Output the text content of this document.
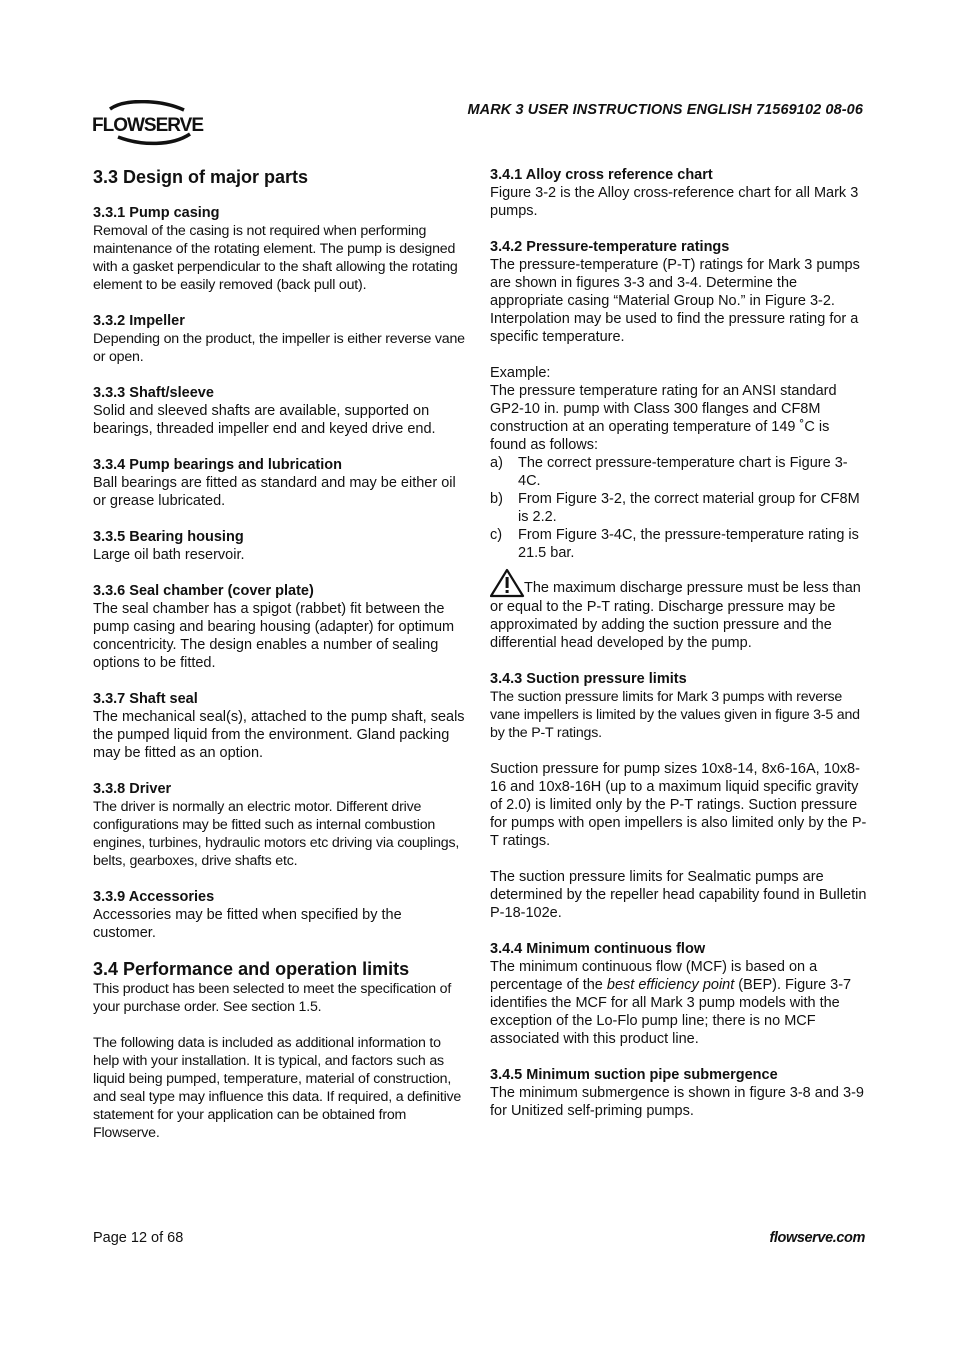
FLOWSERVE
MARK 3 USER INSTRUCTIONS ENGLISH 71569102 08-06
3.3 Design of major parts
3.3.1 Pump casing

Removal of the casing is not required when performing maintenance of the rotating element. The pump is designed with a gasket perpendicular to the shaft allowing the rotating element to be easily removed (back pull out).

3.3.2 Impeller

Depending on the product, the impeller is either reverse vane or open.

3.3.3 Shaft/sleeve

Solid and sleeved shafts are available, supported on bearings, threaded impeller end and keyed drive end.

3.3.4 Pump bearings and lubrication

Ball bearings are fitted as standard and may be either oil or grease lubricated.

3.3.5 Bearing housing

Large oil bath reservoir.

3.3.6 Seal chamber (cover plate)

The seal chamber has a spigot (rabbet) fit between the pump casing and bearing housing (adapter) for optimum concentricity. The design enables a number of sealing options to be fitted.

3.3.7 Shaft seal

The mechanical seal(s), attached to the pump shaft, seals the pumped liquid from the environment. Gland packing may be fitted as an option.

3.3.8 Driver

The driver is normally an electric motor. Different drive configurations may be fitted such as internal combustion engines, turbines, hydraulic motors etc driving via couplings, belts, gearboxes, drive shafts etc.

3.3.9 Accessories

Accessories may be fitted when specified by the customer.

3.4 Performance and operation limits

This product has been selected to meet the specification of your purchase order. See section 1.5.

The following data is included as additional information to help with your installation. It is typical, and factors such as liquid being pumped, temperature, material of construction, and seal type may influence this data. If required, a definitive statement for your application can be obtained from Flowserve.

3.4.1 Alloy cross reference chart

Figure 3-2 is the Alloy cross-reference chart for all Mark 3 pumps.

3.4.2 Pressure-temperature ratings

The pressure-temperature (P-T) ratings for Mark 3 pumps are shown in figures 3-3 and 3-4. Determine the appropriate casing “Material Group No.” in Figure 3-2. Interpolation may be used to find the pressure rating for a specific temperature.

Example:

The pressure temperature rating for an ANSI standard GP2-10 in. pump with Class 300 flanges and CF8M construction at an operating temperature of 149 ˚C is found as follows:

a)	The correct pressure-temperature chart is Figure 3-4C.
b)	From Figure 3-2, the correct material group for CF8M is 2.2.
c)	From Figure 3-4C, the pressure-temperature rating is 21.5 bar.

The maximum discharge pressure must be less than or equal to the P-T rating. Discharge pressure may be approximated by adding the suction pressure and the differential head developed by the pump.

3.4.3 Suction pressure limits

The suction pressure limits for Mark 3 pumps with reverse vane impellers is limited by the values given in figure 3-5 and by the P-T ratings.

Suction pressure for pump sizes 10x8-14, 8x6-16A, 10x8-16 and 10x8-16H (up to a maximum liquid specific gravity of 2.0) is limited only by the P-T ratings. Suction pressure for pumps with open impellers is also limited only by the P-T ratings.

The suction pressure limits for Sealmatic pumps are determined by the repeller head capability found in Bulletin P-18-102e.

3.4.4 Minimum continuous flow

The minimum continuous flow (MCF) is based on a percentage of the best efficiency point (BEP). Figure 3-7 identifies the MCF for all Mark 3 pump models with the exception of the Lo-Flo pump line; there is no MCF associated with this product line.

3.4.5 Minimum suction pipe submergence

The minimum submergence is shown in figure 3-8 and 3-9 for Unitized self-priming pumps.

Page 12 of 68	flowserve.com
